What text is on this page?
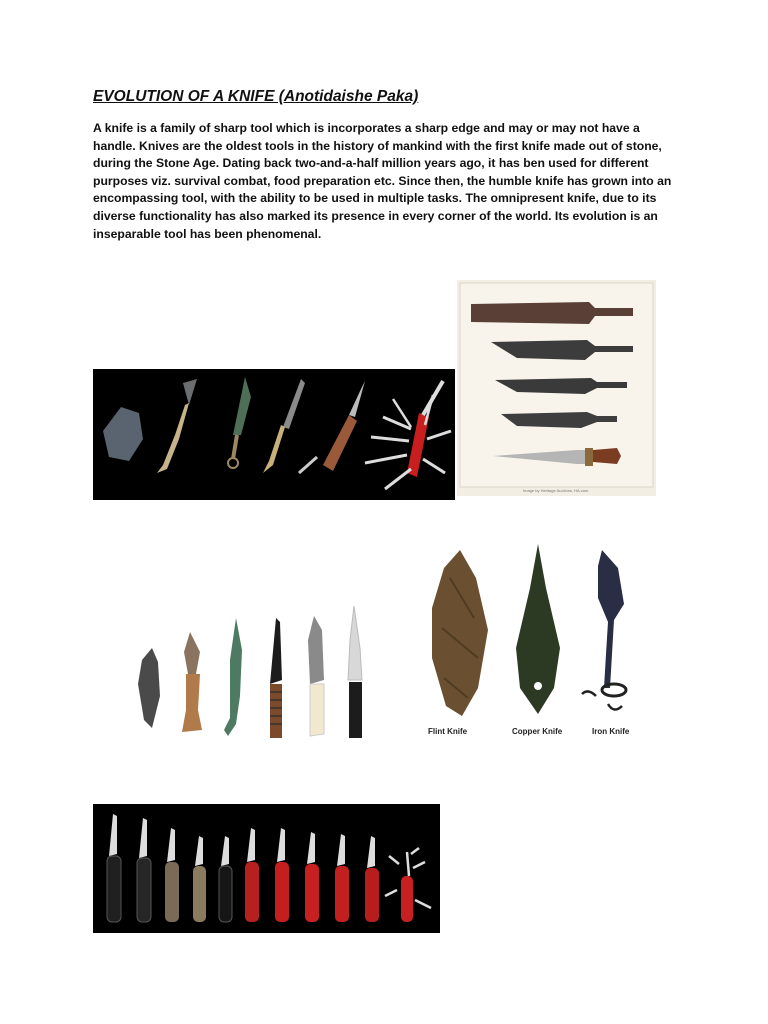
EVOLUTION OF A KNIFE (Anotidaishe Paka)

A knife is a family of sharp tool which is incorporates a sharp edge and may or may not have a handle. Knives are the oldest tools in the history of mankind with the first knife made out of stone, during the Stone Age. Dating back two-and-a-half million years ago, it has ben used for different purposes viz. survival combat, food preparation etc. Since then, the humble knife has grown into an encompassing tool, with the ability to be used in multiple tasks. The omnipresent knife, due to its diverse functionality has also marked its presence in every corner of the world. Its evolution is an inseparable tool has been phenomenal.

Image by Heritage Auctions, HA.com
Flint Knife	Copper Knife	Iron Knife
